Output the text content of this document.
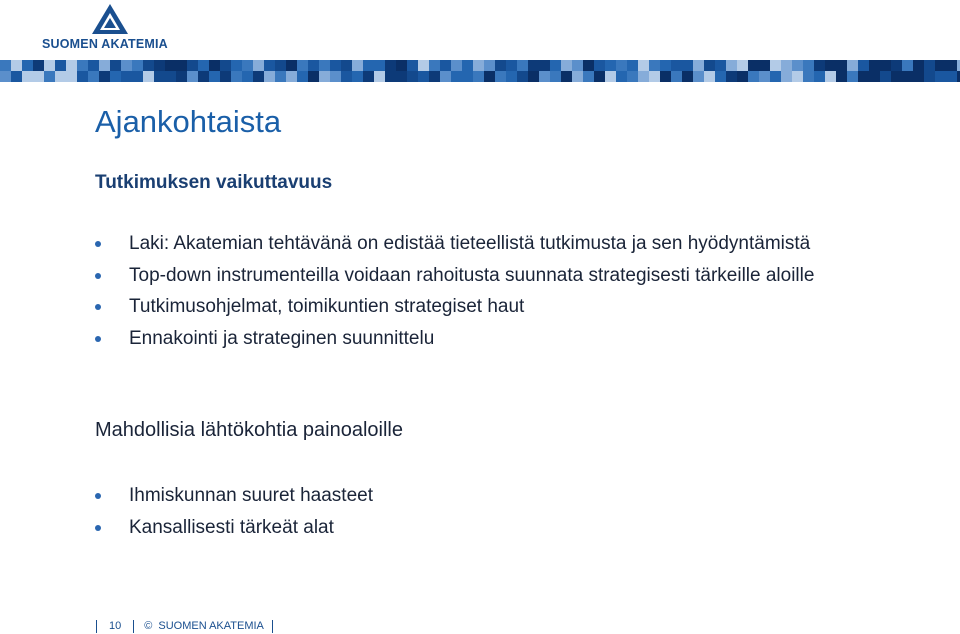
SUOMEN AKATEMIA
Ajankohtaista
Tutkimuksen vaikuttavuus
Laki: Akatemian tehtävänä on edistää tieteellistä tutkimusta ja sen hyödyntämistä
Top-down instrumenteilla voidaan rahoitusta suunnata strategisesti tärkeille aloille
Tutkimusohjelmat, toimikuntien strategiset haut
Ennakointi ja strateginen suunnittelu

Mahdollisia lähtökohtia painoaloille

Ihmiskunnan suuret haasteet
Kansallisesti tärkeät alat
10 © SUOMEN AKATEMIA
